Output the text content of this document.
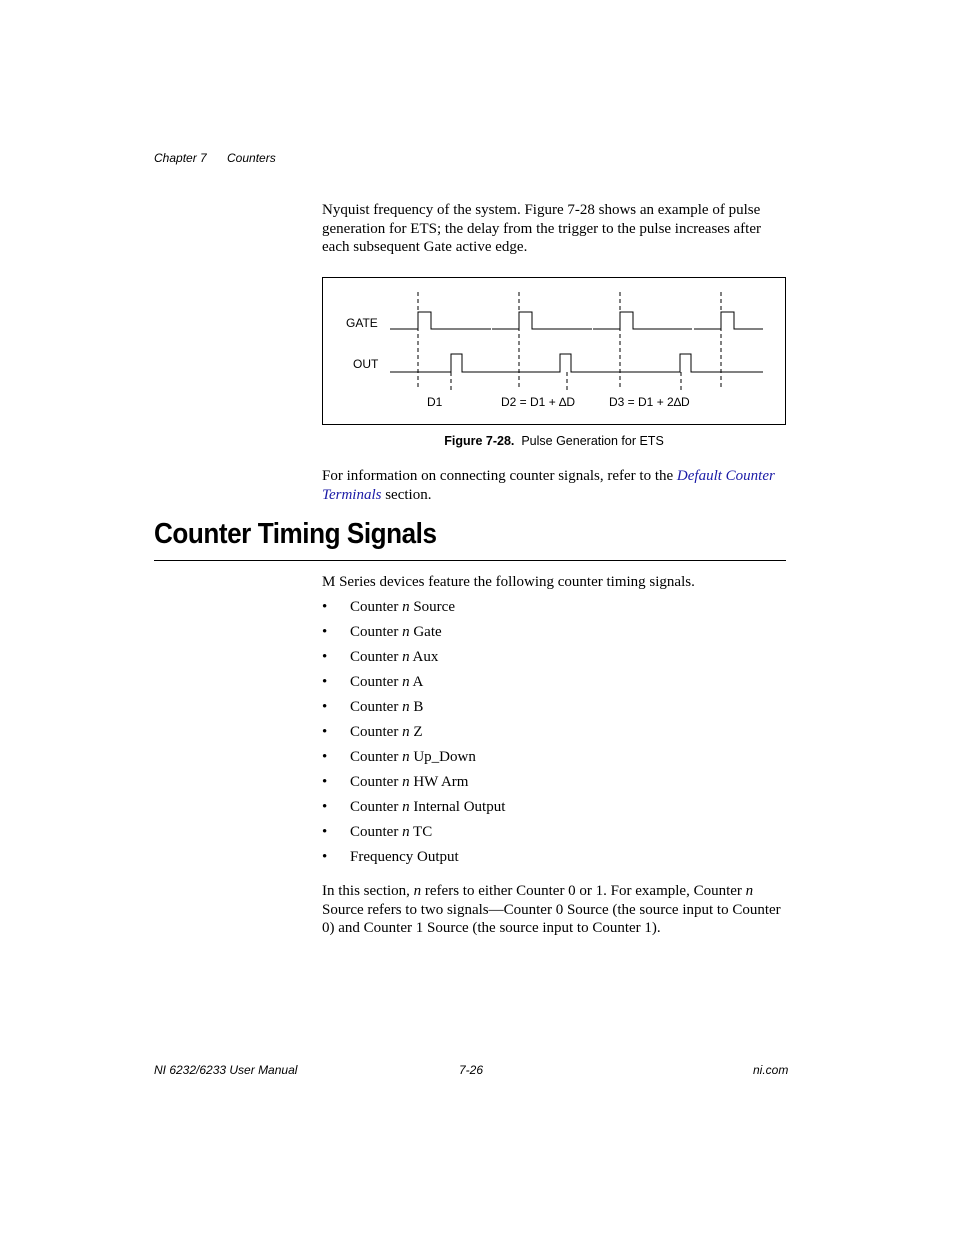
Chapter 7 Counters
Nyquist frequency of the system. Figure 7-28 shows an example of pulse generation for ETS; the delay from the trigger to the pulse increases after each subsequent Gate active edge.
GATE
OUT
D1	D2 = D1 + ∆D	D3 = D1 + 2∆D
Figure 7-28. Pulse Generation for ETS
For information on connecting counter signals, refer to the Default Counter Terminals section.
Counter Timing Signals
M Series devices feature the following counter timing signals.
• Counter n Source
• Counter n Gate
• Counter n Aux
• Counter n A
• Counter n B
• Counter n Z
• Counter n Up_Down
• Counter n HW Arm
• Counter n Internal Output
• Counter n TC
• Frequency Output
In this section, n refers to either Counter 0 or 1. For example, Counter n Source refers to two signals—Counter 0 Source (the source input to Counter 0) and Counter 1 Source (the source input to Counter 1).
NI 6232/6233 User Manual	7-26	ni.com
